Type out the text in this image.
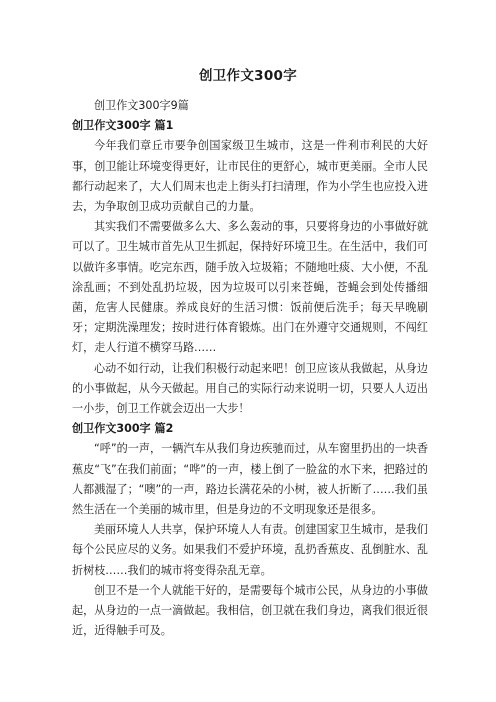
创卫作文300字

创卫作文300字9篇

创卫作文300字 篇1

今年我们章丘市要争创国家级卫生城市，这是一件利市利民的大好事，创卫能让环境变得更好，让市民住的更舒心，城市更美丽。全市人民都行动起来了，大人们周末也走上街头打扫清理，作为小学生也应投入进去，为争取创卫成功贡献自己的力量。

其实我们不需要做多么大、多么轰动的事，只要将身边的小事做好就可以了。卫生城市首先从卫生抓起，保持好环境卫生。在生活中，我们可以做许多事情。吃完东西，随手放入垃圾箱；不随地吐痰、大小便，不乱涂乱画；不到处乱扔垃圾，因为垃圾可以引来苍蝇，苍蝇会到处传播细菌，危害人民健康。养成良好的生活习惯：饭前便后洗手；每天早晚刷牙；定期洗澡理发；按时进行体育锻炼。出门在外遵守交通规则，不闯红灯，走人行道不横穿马路……

心动不如行动，让我们积极行动起来吧！创卫应该从我做起，从身边的小事做起，从今天做起。用自己的实际行动来说明一切，只要人人迈出一小步，创卫工作就会迈出一大步！

创卫作文300字 篇2

“呼”的一声，一辆汽车从我们身边疾驰而过，从车窗里扔出的一块香蕉皮“飞”在我们前面；“哗”的一声，楼上倒了一脸盆的水下来，把路过的人都溅湿了；“噢”的一声，路边长满花朵的小树，被人折断了……我们虽然生活在一个美丽的城市里，但是身边的不文明现象还是很多。

美丽环境人人共享，保护环境人人有责。创建国家卫生城市，是我们每个公民应尽的义务。如果我们不爱护环境，乱扔香蕉皮、乱倒脏水、乱折树枝……我们的城市将变得杂乱无章。

创卫不是一个人就能干好的，是需要每个城市公民，从身边的小事做起，从身边的一点一滴做起。我相信，创卫就在我们身边，离我们很近很近，近得触手可及。
